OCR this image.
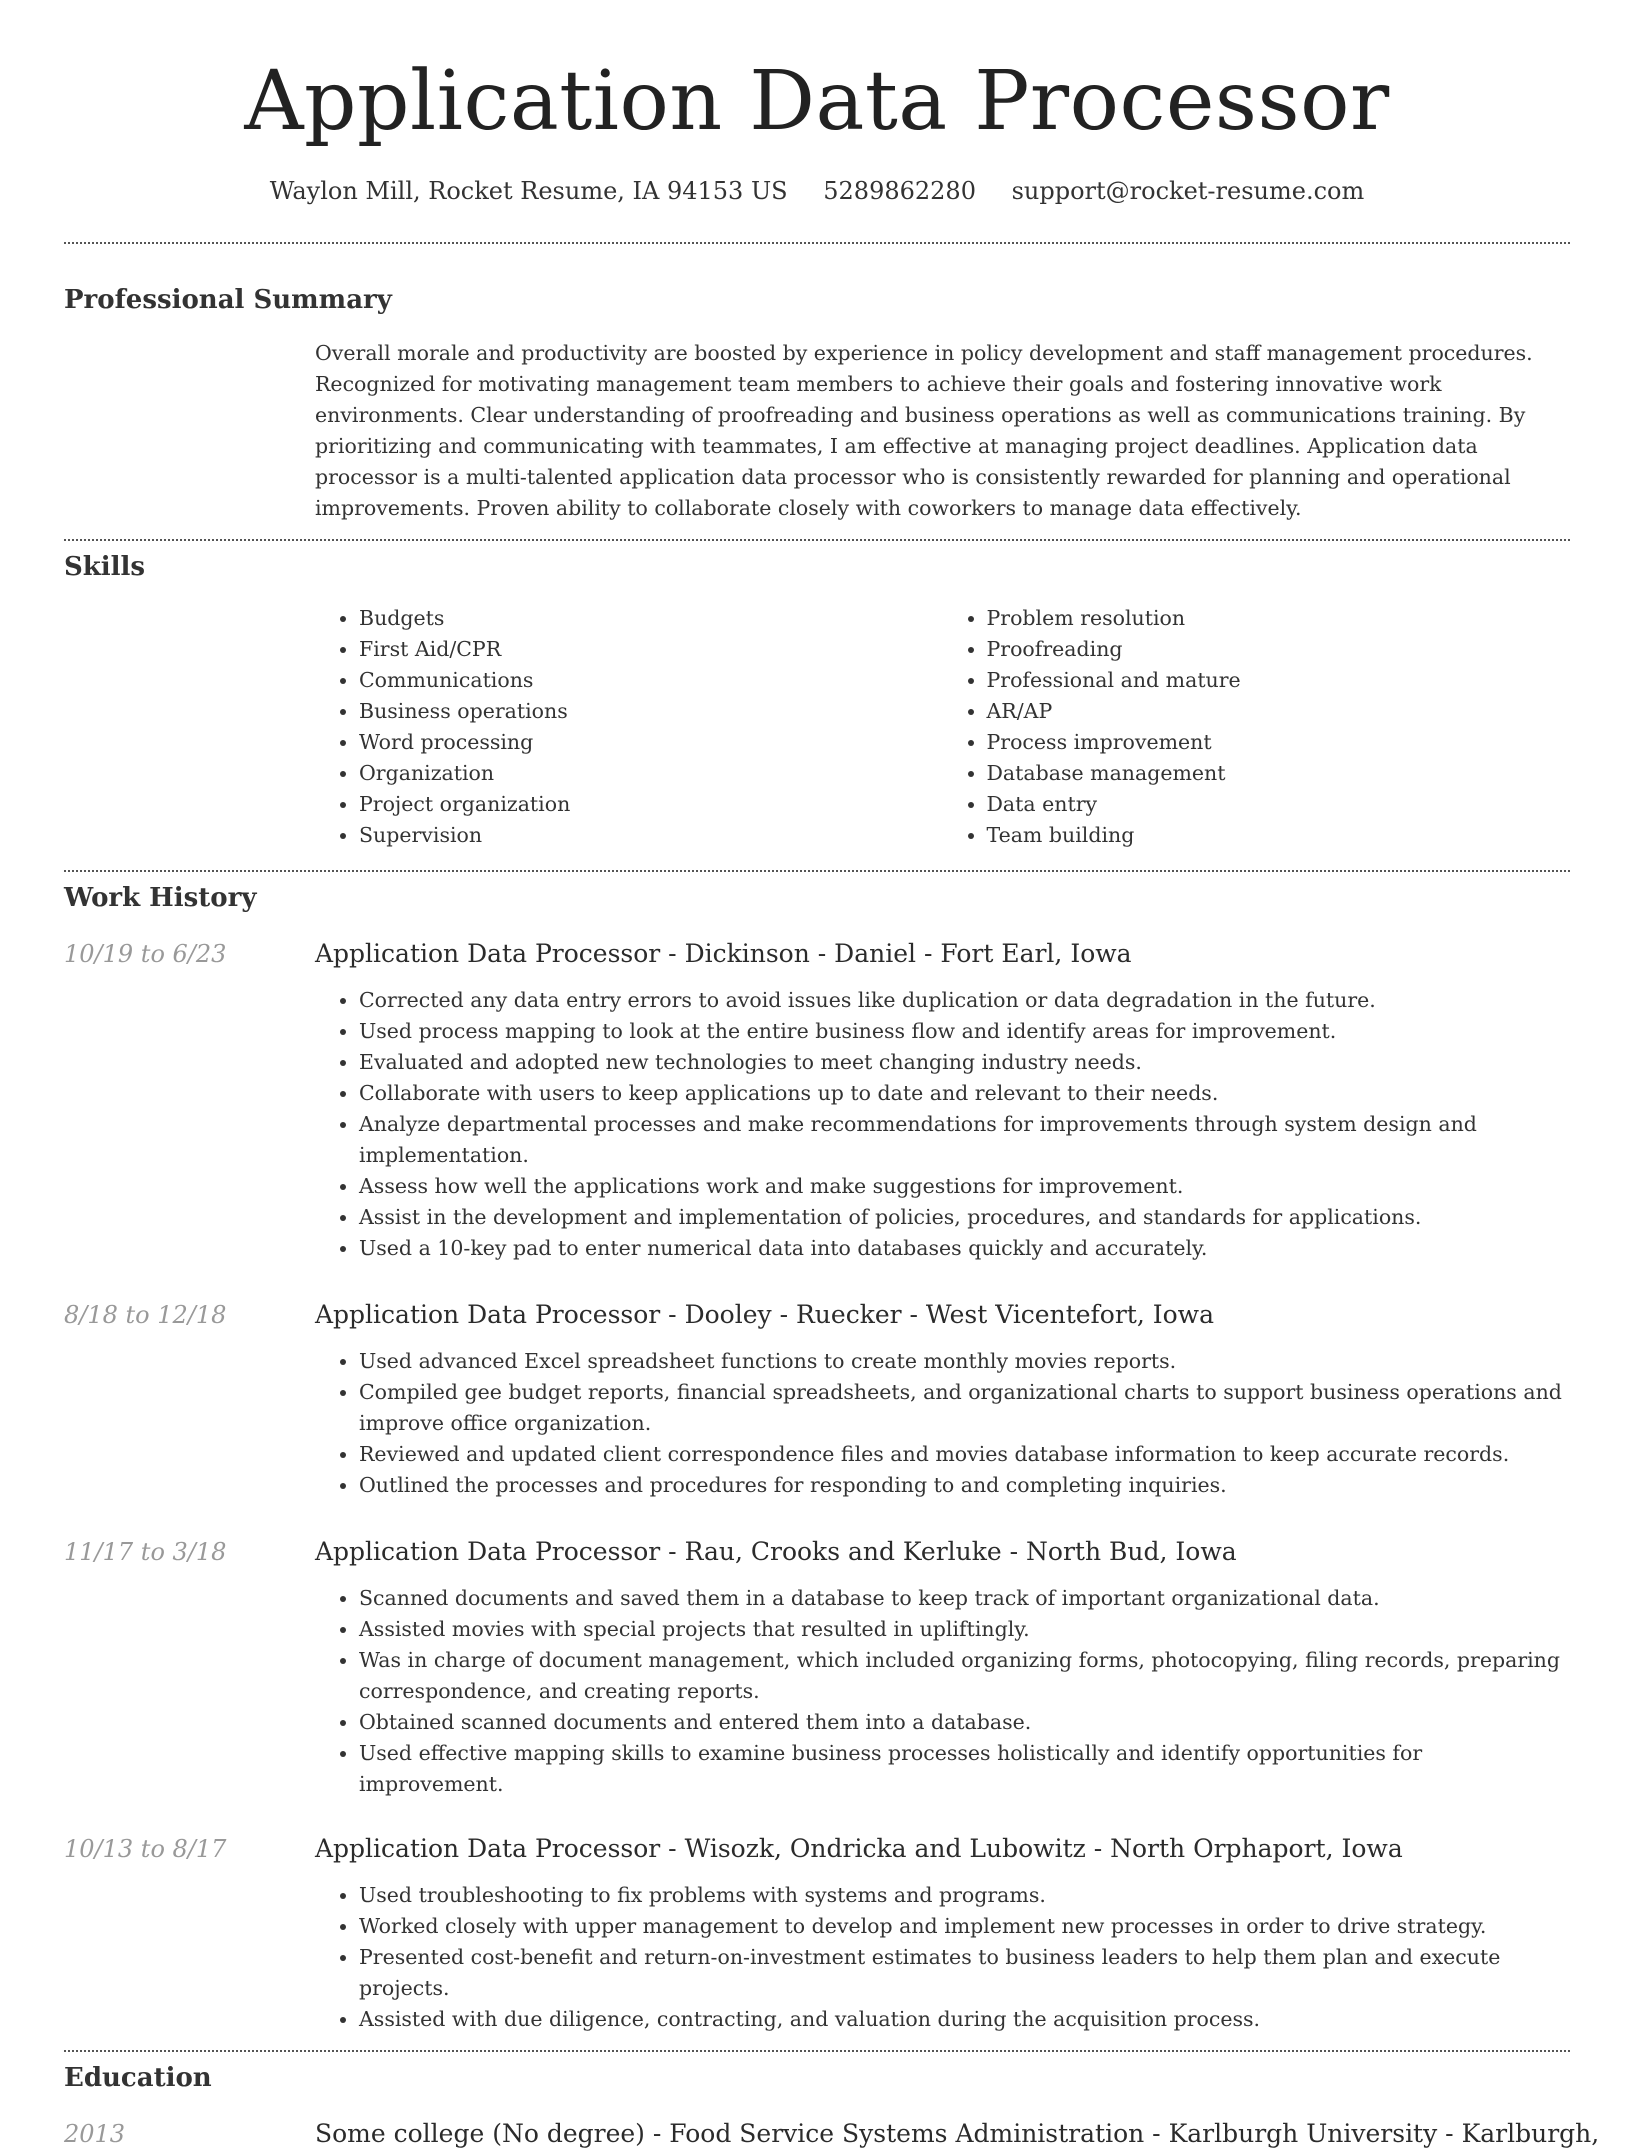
Application Data Processor
Waylon Mill, Rocket Resume, IA 94153 US 5289862280 support@rocket-resume.com
Professional Summary
Overall morale and productivity are boosted by experience in policy development and staff management procedures. Recognized for motivating management team members to achieve their goals and fostering innovative work environments. Clear understanding of proofreading and business operations as well as communications training. By prioritizing and communicating with teammates, I am effective at managing project deadlines. Application data processor is a multi-talented application data processor who is consistently rewarded for planning and operational improvements. Proven ability to collaborate closely with coworkers to manage data effectively.
Skills
• Budgets
• First Aid/CPR
• Communications
• Business operations
• Word processing
• Organization
• Project organization
• Supervision
• Problem resolution
• Proofreading
• Professional and mature
• AR/AP
• Process improvement
• Database management
• Data entry
• Team building
Work History
10/19 to 6/23	Application Data Processor - Dickinson - Daniel - Fort Earl, Iowa
• Corrected any data entry errors to avoid issues like duplication or data degradation in the future.
• Used process mapping to look at the entire business flow and identify areas for improvement.
• Evaluated and adopted new technologies to meet changing industry needs.
• Collaborate with users to keep applications up to date and relevant to their needs.
• Analyze departmental processes and make recommendations for improvements through system design and implementation.
• Assess how well the applications work and make suggestions for improvement.
• Assist in the development and implementation of policies, procedures, and standards for applications.
• Used a 10-key pad to enter numerical data into databases quickly and accurately.
8/18 to 12/18	Application Data Processor - Dooley - Ruecker - West Vicentefort, Iowa
• Used advanced Excel spreadsheet functions to create monthly movies reports.
• Compiled gee budget reports, financial spreadsheets, and organizational charts to support business operations and improve office organization.
• Reviewed and updated client correspondence files and movies database information to keep accurate records.
• Outlined the processes and procedures for responding to and completing inquiries.
11/17 to 3/18	Application Data Processor - Rau, Crooks and Kerluke - North Bud, Iowa
• Scanned documents and saved them in a database to keep track of important organizational data.
• Assisted movies with special projects that resulted in upliftingly.
• Was in charge of document management, which included organizing forms, photocopying, filing records, preparing correspondence, and creating reports.
• Obtained scanned documents and entered them into a database.
• Used effective mapping skills to examine business processes holistically and identify opportunities for improvement.
10/13 to 8/17	Application Data Processor - Wisozk, Ondricka and Lubowitz - North Orphaport, Iowa
• Used troubleshooting to fix problems with systems and programs.
• Worked closely with upper management to develop and implement new processes in order to drive strategy.
• Presented cost-benefit and return-on-investment estimates to business leaders to help them plan and execute projects.
• Assisted with due diligence, contracting, and valuation during the acquisition process.
Education
2013	Some college (No degree) - Food Service Systems Administration - Karlburgh University - Karlburgh,
